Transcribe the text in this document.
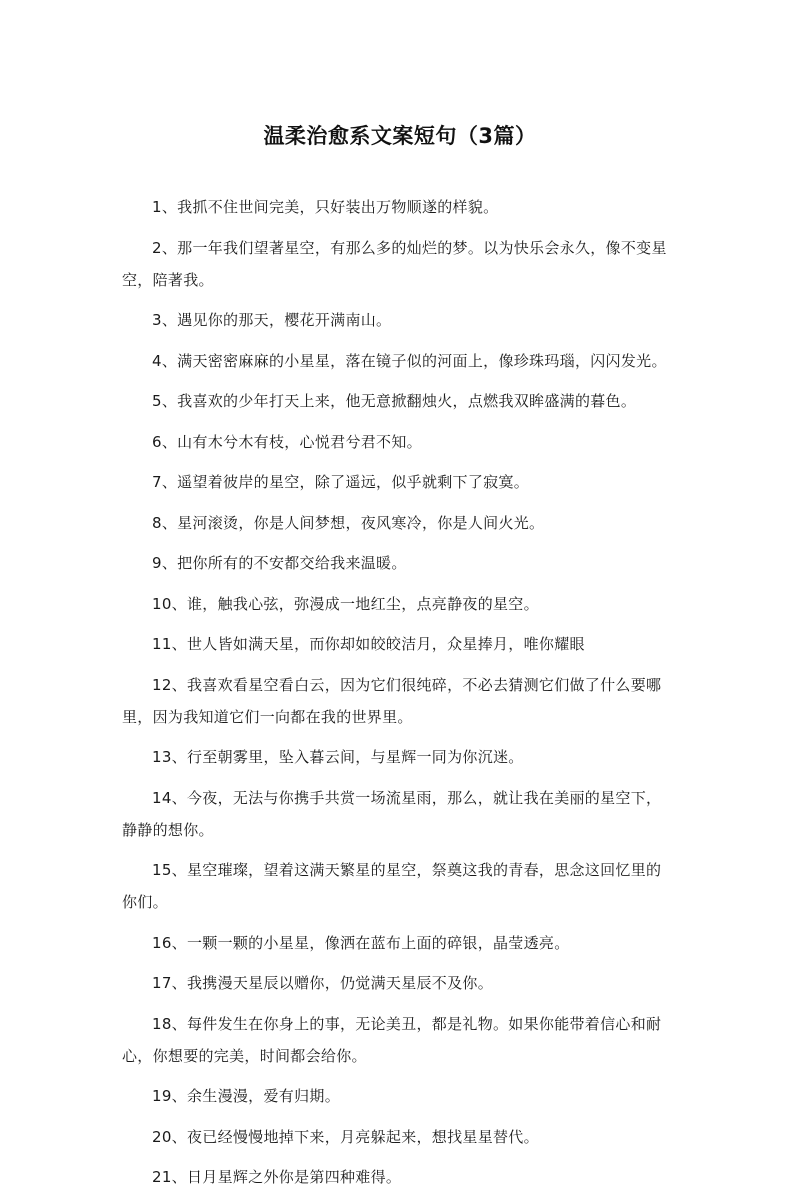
温柔治愈系文案短句（3篇）

1、我抓不住世间完美，只好装出万物顺遂的样貌。

2、那一年我们望著星空，有那么多的灿烂的梦。以为快乐会永久，像不变星空，陪著我。

3、遇见你的那天，樱花开满南山。

4、满天密密麻麻的小星星，落在镜子似的河面上，像珍珠玛瑙，闪闪发光。

5、我喜欢的少年打天上来，他无意掀翻烛火，点燃我双眸盛满的暮色。

6、山有木兮木有枝，心悦君兮君不知。

7、遥望着彼岸的星空，除了遥远，似乎就剩下了寂寞。

8、星河滚烫，你是人间梦想，夜风寒冷，你是人间火光。

9、把你所有的不安都交给我来温暖。

10、谁，触我心弦，弥漫成一地红尘，点亮静夜的星空。

11、世人皆如满天星，而你却如皎皎洁月，众星捧月，唯你耀眼

12、我喜欢看星空看白云，因为它们很纯碎，不必去猜测它们做了什么要哪里，因为我知道它们一向都在我的世界里。

13、行至朝雾里，坠入暮云间，与星辉一同为你沉迷。

14、今夜，无法与你携手共赏一场流星雨，那么，就让我在美丽的星空下，静静的想你。

15、星空璀璨，望着这满天繁星的星空，祭奠这我的青春，思念这回忆里的你们。

16、一颗一颗的小星星，像洒在蓝布上面的碎银，晶莹透亮。

17、我携漫天星辰以赠你，仍觉满天星辰不及你。

18、每件发生在你身上的事，无论美丑，都是礼物。如果你能带着信心和耐心，你想要的完美，时间都会给你。

19、余生漫漫，爱有归期。

20、夜已经慢慢地掉下来，月亮躲起来，想找星星替代。

21、日月星辉之外你是第四种难得。
